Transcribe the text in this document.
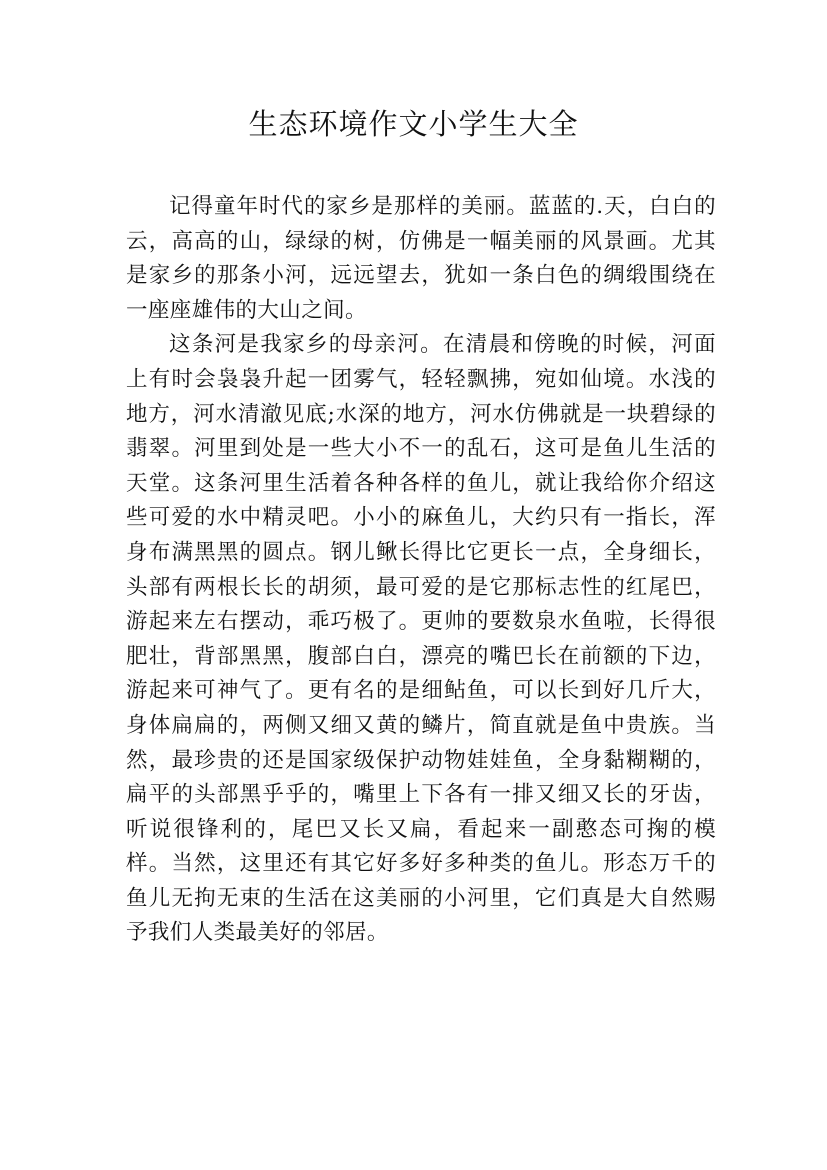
生态环境作文小学生大全

记得童年时代的家乡是那样的美丽。蓝蓝的.天，白白的云，高高的山，绿绿的树，仿佛是一幅美丽的风景画。尤其是家乡的那条小河，远远望去，犹如一条白色的绸缎围绕在一座座雄伟的大山之间。

这条河是我家乡的母亲河。在清晨和傍晚的时候，河面上有时会袅袅升起一团雾气，轻轻飘拂，宛如仙境。水浅的地方，河水清澈见底;水深的地方，河水仿佛就是一块碧绿的翡翠。河里到处是一些大小不一的乱石，这可是鱼儿生活的天堂。这条河里生活着各种各样的鱼儿，就让我给你介绍这些可爱的水中精灵吧。小小的麻鱼儿，大约只有一指长，浑身布满黑黑的圆点。钢儿鳅长得比它更长一点，全身细长，头部有两根长长的胡须，最可爱的是它那标志性的红尾巴，游起来左右摆动，乖巧极了。更帅的要数泉水鱼啦，长得很肥壮，背部黑黑，腹部白白，漂亮的嘴巴长在前额的下边，游起来可神气了。更有名的是细鲇鱼，可以长到好几斤大，身体扁扁的，两侧又细又黄的鳞片，简直就是鱼中贵族。当然，最珍贵的还是国家级保护动物娃娃鱼，全身黏糊糊的，扁平的头部黑乎乎的，嘴里上下各有一排又细又长的牙齿，听说很锋利的，尾巴又长又扁，看起来一副憨态可掬的模样。当然，这里还有其它好多好多种类的鱼儿。形态万千的鱼儿无拘无束的生活在这美丽的小河里，它们真是大自然赐予我们人类最美好的邻居。
